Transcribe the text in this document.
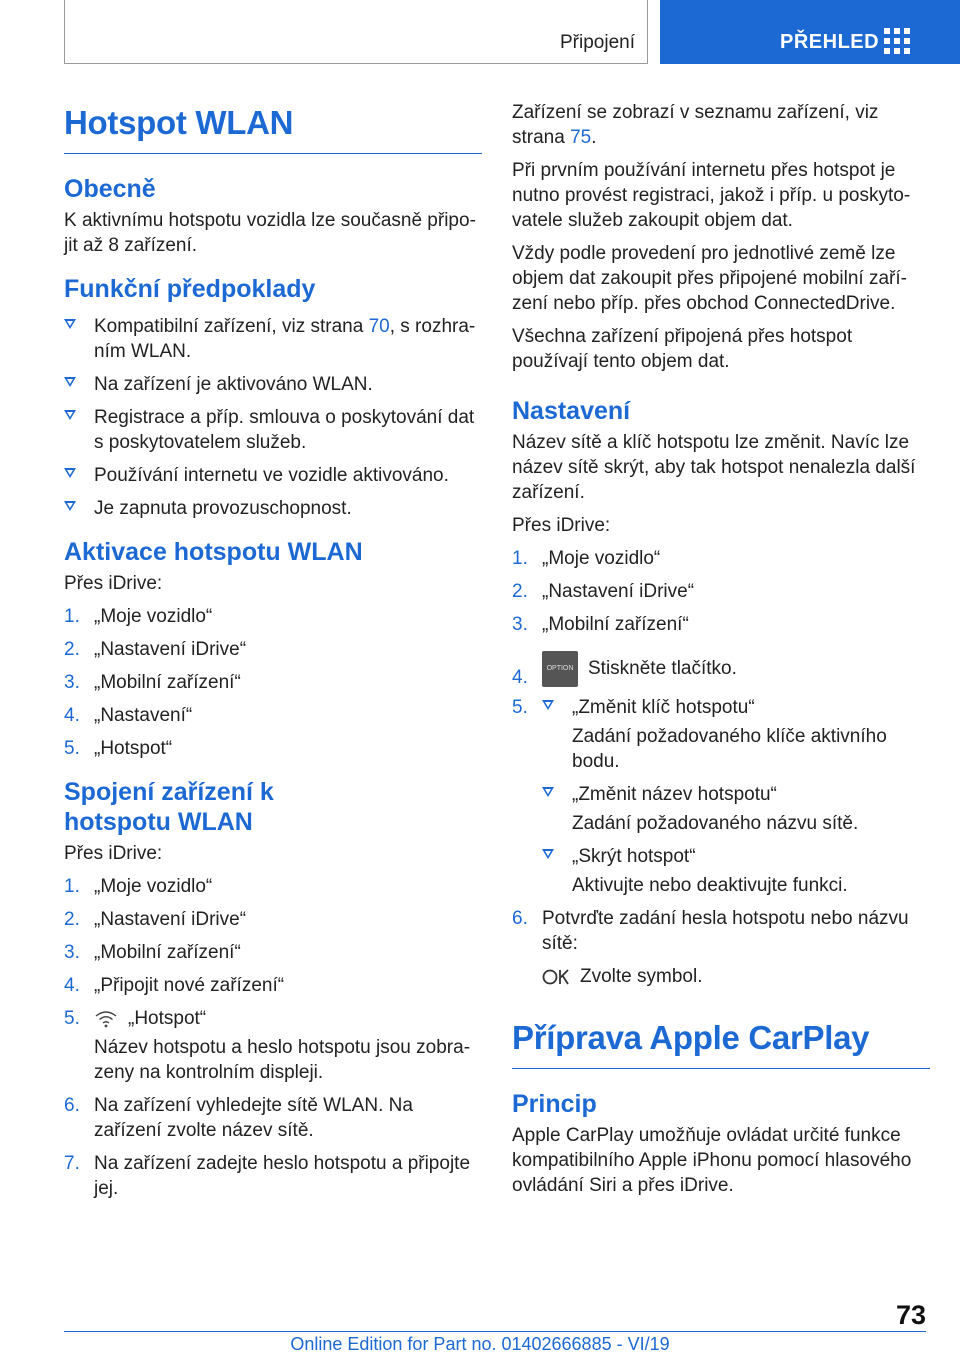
Připojení	PŘEHLED
Hotspot WLAN
Obecně

K aktivnímu hotspotu vozidla lze současně připojit až 8 zařízení.

Funkční předpoklady
Kompatibilní zařízení, viz strana 70, s rozhraním WLAN.
Na zařízení je aktivováno WLAN.
Registrace a příp. smlouva o poskytování dat s poskytovatelem služeb.
Používání internetu ve vozidle aktivováno.
Je zapnuta provozuschopnost.
Aktivace hotspotu WLAN

Přes iDrive:

1. „Moje vozidlo“
2. „Nastavení iDrive“
3. „Mobilní zařízení“
4. „Nastavení“
5. „Hotspot“
Spojení zařízení k
hotspotu WLAN

Přes iDrive:

1. „Moje vozidlo“
2. „Nastavení iDrive“
3. „Mobilní zařízení“
4. „Připojit nové zařízení“
5.	„Hotspot“
Název hotspotu a heslo hotspotu jsou zobrazeny na kontrolním displeji.
6. Na zařízení vyhledejte sítě WLAN. Na zařízení zvolte název sítě.
7. Na zařízení zadejte heslo hotspotu a připojte jej.

Zařízení se zobrazí v seznamu zařízení, viz strana 75.

Při prvním používání internetu přes hotspot je nutno provést registraci, jakož i příp. u poskytovatele služeb zakoupit objem dat.

Vždy podle provedení pro jednotlivé země lze objem dat zakoupit přes připojené mobilní zařízení nebo příp. přes obchod ConnectedDrive.

Všechna zařízení připojená přes hotspot používají tento objem dat.

Nastavení

Název sítě a klíč hotspotu lze změnit. Navíc lze název sítě skrýt, aby tak hotspot nenalezla další zařízení.

Přes iDrive:

1. „Moje vozidlo“
2. „Nastavení iDrive“
3. „Mobilní zařízení“
4.	OPTION Stiskněte tlačítko.
5.	„Změnit klíč hotspotu“
Zadání požadovaného klíče aktivního bodu.
„Změnit název hotspotu“
Zadání požadovaného názvu sítě.
„Skrýt hotspot“
Aktivujte nebo deaktivujte funkci.
6. Potvrďte zadání hesla hotspotu nebo názvu sítě:
Zvolte symbol.
Příprava Apple CarPlay
Princip

Apple CarPlay umožňuje ovládat určité funkce kompatibilního Apple iPhonu pomocí hlasového ovládání Siri a přes iDrive.

73
Online Edition for Part no. 01402666885 - VI/19
